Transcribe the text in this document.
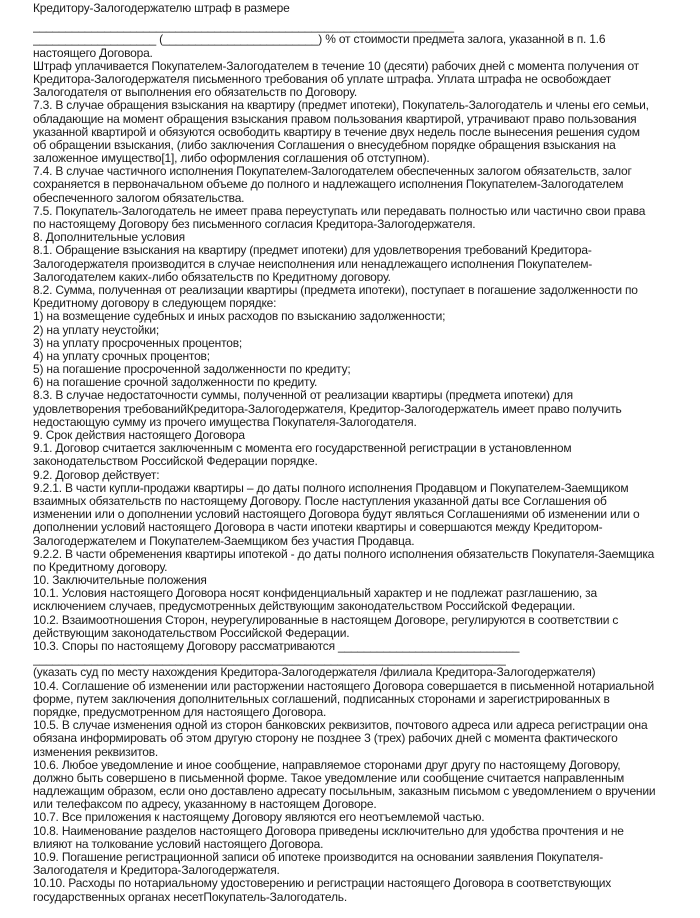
Кредитору-Залогодержателю штраф в размере
_________________________________________________________________
___________________ (________________________) % от стоимости предмета залога, указанной в п. 1.6
настоящего Договора.
Штраф уплачивается Покупателем-Залогодателем в течение 10 (десяти) рабочих дней с момента получения от
Кредитора-Залогодержателя письменного требования об уплате штрафа. Уплата штрафа не освобождает
Залогодателя от выполнения его обязательств по Договору.
7.3. В случае обращения взыскания на квартиру (предмет ипотеки), Покупатель-Залогодатель и члены его семьи,
обладающие на момент обращения взыскания правом пользования квартирой, утрачивают право пользования
указанной квартирой и обязуются освободить квартиру в течение двух недель после вынесения решения судом
об обращении взыскания, (либо заключения Соглашения о внесудебном порядке обращения взыскания на
заложенное имущество[1], либо оформления соглашения об отступном).
7.4. В случае частичного исполнения Покупателем-Залогодателем обеспеченных залогом обязательств, залог
сохраняется в первоначальном объеме до полного и надлежащего исполнения Покупателем-Залогодателем
обеспеченного залогом обязательства.
7.5. Покупатель-Залогодатель не имеет права переуступать или передавать полностью или частично свои права
по настоящему Договору без письменного согласия Кредитора-Залогодержателя.
8. Дополнительные условия
8.1. Обращение взыскания на квартиру (предмет ипотеки) для удовлетворения требований Кредитора-
Залогодержателя производится в случае неисполнения или ненадлежащего исполнения Покупателем-
Залогодателем каких-либо обязательств по Кредитному договору.
8.2. Сумма, полученная от реализации квартиры (предмета ипотеки), поступает в погашение задолженности по
Кредитному договору в следующем порядке:
1) на возмещение судебных и иных расходов по взысканию задолженности;
2) на уплату неустойки;
3) на уплату просроченных процентов;
4) на уплату срочных процентов;
5) на погашение просроченной задолженности по кредиту;
6) на погашение срочной задолженности по кредиту.
8.3. В случае недостаточности суммы, полученной от реализации квартиры (предмета ипотеки) для
удовлетворения требованийКредитора-Залогодержателя, Кредитор-Залогодержатель имеет право получить
недостающую сумму из прочего имущества Покупателя-Залогодателя.
9. Срок действия настоящего Договора
9.1. Договор считается заключенным с момента его государственной регистрации в установленном
законодательством Российской Федерации порядке.
9.2. Договор действует:
9.2.1. В части купли-продажи квартиры – до даты полного исполнения Продавцом и Покупателем-Заемщиком
взаимных обязательств по настоящему Договору. После наступления указанной даты все Соглашения об
изменении или о дополнении условий настоящего Договора будут являться Соглашениями об изменении или о
дополнении условий настоящего Договора в части ипотеки квартиры и совершаются между Кредитором-
Залогодержателем и Покупателем-Заемщиком без участия Продавца.
9.2.2. В части обременения квартиры ипотекой - до даты полного исполнения обязательств Покупателя-Заемщика
по Кредитному договору.
10. Заключительные положения
10.1. Условия настоящего Договора носят конфиденциальный характер и не подлежат разглашению, за
исключением случаев, предусмотренных действующим законодательством Российской Федерации.
10.2. Взаимоотношения Сторон, неурегулированные в настоящем Договоре, регулируются в соответствии с
действующим законодательством Российской Федерации.
10.3. Споры по настоящему Договору рассматриваются ____________________________
_________________________________________________________________________
(указать суд по месту нахождения Кредитора-Залогодержателя /филиала Кредитора-Залогодержателя)
10.4. Соглашение об изменении или расторжении настоящего Договора совершается в письменной нотариальной
форме, путем заключения дополнительных соглашений, подписанных сторонами и зарегистрированных в
порядке, предусмотренном для настоящего Договора.
10.5. В случае изменения одной из сторон банковских реквизитов, почтового адреса или адреса регистрации она
обязана информировать об этом другую сторону не позднее 3 (трех) рабочих дней с момента фактического
изменения реквизитов.
10.6. Любое уведомление и иное сообщение, направляемое сторонами друг другу по настоящему Договору,
должно быть совершено в письменной форме. Такое уведомление или сообщение считается направленным
надлежащим образом, если оно доставлено адресату посыльным, заказным письмом с уведомлением о вручении
или телефаксом по адресу, указанному в настоящем Договоре.
10.7. Все приложения к настоящему Договору являются его неотъемлемой частью.
10.8. Наименование разделов настоящего Договора приведены исключительно для удобства прочтения и не
влияют на толкование условий настоящего Договора.
10.9. Погашение регистрационной записи об ипотеке производится на основании заявления Покупателя-
Залогодателя и Кредитора-Залогодержателя.
10.10. Расходы по нотариальному удостоверению и регистрации настоящего Договора в соответствующих
государственных органах несетПокупатель-Залогодатель.
